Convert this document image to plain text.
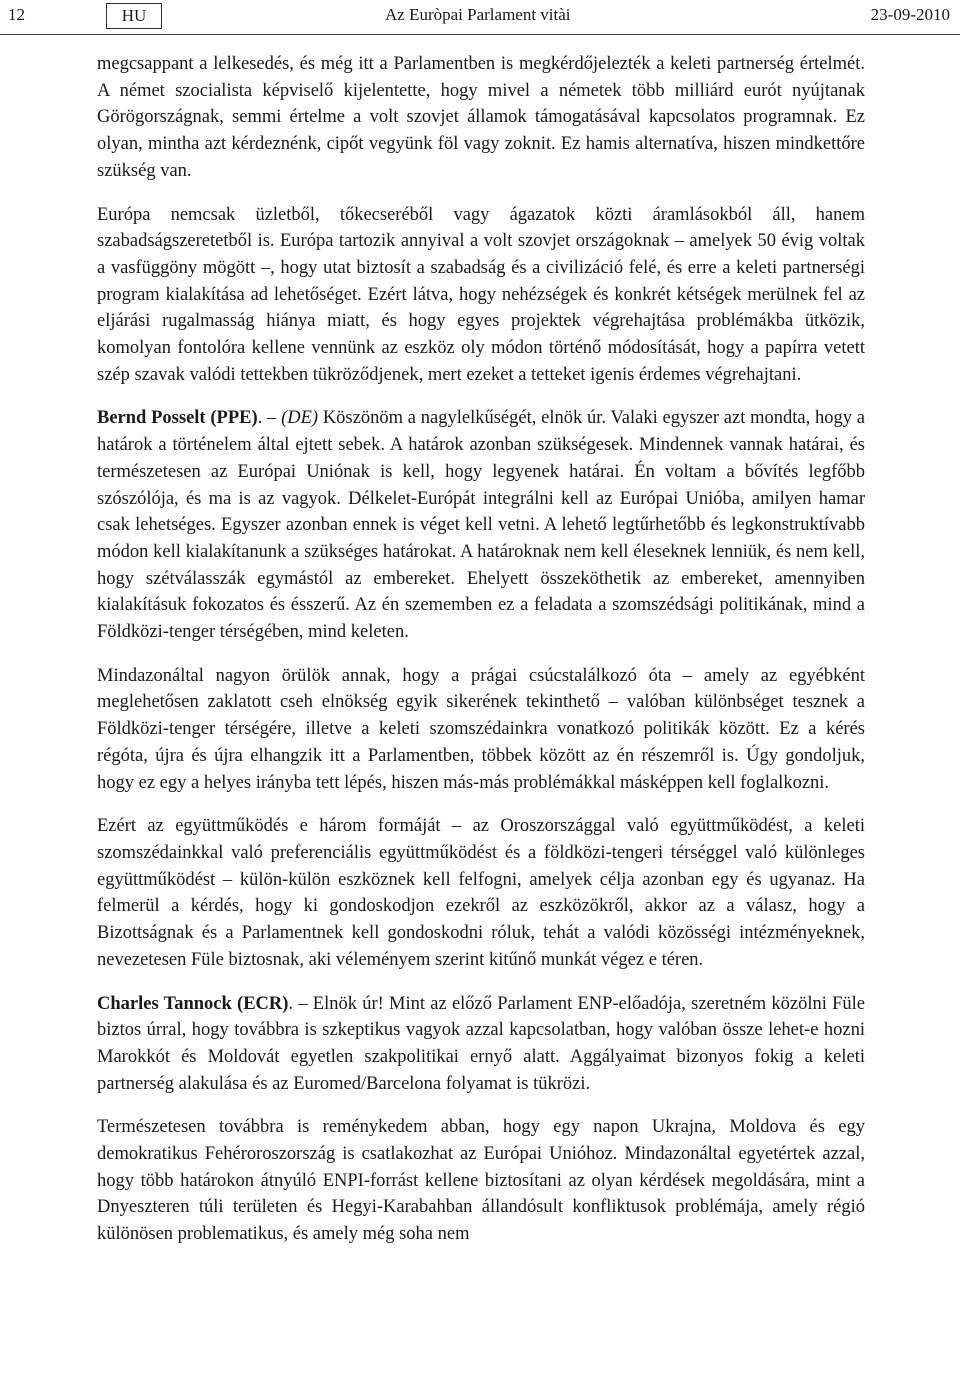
12	HU	Az Euròpai Parlament vitài	23-09-2010

megcsappant a lelkesedés, és még itt a Parlamentben is megkérdőjelezték a keleti partnerség értelmét. A német szocialista képviselő kijelentette, hogy mivel a németek több milliárd eurót nyújtanak Görögországnak, semmi értelme a volt szovjet államok támogatásával kapcsolatos programnak. Ez olyan, mintha azt kérdeznénk, cipőt vegyünk föl vagy zoknit. Ez hamis alternatíva, hiszen mindkettőre szükség van.

Európa nemcsak üzletből, tőkecseréből vagy ágazatok közti áramlásokból áll, hanem szabadságszeretetből is. Európa tartozik annyival a volt szovjet országoknak – amelyek 50 évig voltak a vasfüggöny mögött –, hogy utat biztosít a szabadság és a civilizáció felé, és erre a keleti partnerségi program kialakítása ad lehetőséget. Ezért látva, hogy nehézségek és konkrét kétségek merülnek fel az eljárási rugalmasság hiánya miatt, és hogy egyes projektek végrehajtása problémákba ütközik, komolyan fontolóra kellene vennünk az eszköz oly módon történő módosítását, hogy a papírra vetett szép szavak valódi tettekben tükröződjenek, mert ezeket a tetteket igenis érdemes végrehajtani.

Bernd Posselt (PPE). – (DE) Köszönöm a nagylelkűségét, elnök úr. Valaki egyszer azt mondta, hogy a határok a történelem által ejtett sebek. A határok azonban szükségesek. Mindennek vannak határai, és természetesen az Európai Uniónak is kell, hogy legyenek határai. Én voltam a bővítés legfőbb szószólója, és ma is az vagyok. Délkelet-Európát integrálni kell az Európai Unióba, amilyen hamar csak lehetséges. Egyszer azonban ennek is véget kell vetni. A lehető legtűrhetőbb és legkonstruktívabb módon kell kialakítanunk a szükséges határokat. A határoknak nem kell éleseknek lenniük, és nem kell, hogy szétválasszák egymástól az embereket. Ehelyett összeköthetik az embereket, amennyiben kialakításuk fokozatos és ésszerű. Az én szememben ez a feladata a szomszédsági politikának, mind a Földközi-tenger térségében, mind keleten.

Mindazonáltal nagyon örülök annak, hogy a prágai csúcstalálkozó óta – amely az egyébként meglehetősen zaklatott cseh elnökség egyik sikerének tekinthető – valóban különbséget tesznek a Földközi-tenger térségére, illetve a keleti szomszédainkra vonatkozó politikák között. Ez a kérés régóta, újra és újra elhangzik itt a Parlamentben, többek között az én részemről is. Úgy gondoljuk, hogy ez egy a helyes irányba tett lépés, hiszen más-más problémákkal másképpen kell foglalkozni.

Ezért az együttműködés e három formáját – az Oroszországgal való együttműködést, a keleti szomszédainkkal való preferenciális együttműködést és a földközi-tengeri térséggel való különleges együttműködést – külön-külön eszköznek kell felfogni, amelyek célja azonban egy és ugyanaz. Ha felmerül a kérdés, hogy ki gondoskodjon ezekről az eszközökről, akkor az a válasz, hogy a Bizottságnak és a Parlamentnek kell gondoskodni róluk, tehát a valódi közösségi intézményeknek, nevezetesen Füle biztosnak, aki véleményem szerint kitűnő munkát végez e téren.

Charles Tannock (ECR). – Elnök úr! Mint az előző Parlament ENP-előadója, szeretném közölni Füle biztos úrral, hogy továbbra is szkeptikus vagyok azzal kapcsolatban, hogy valóban össze lehet-e hozni Marokkót és Moldovát egyetlen szakpolitikai ernyő alatt. Aggályaimat bizonyos fokig a keleti partnerség alakulása és az Euromed/Barcelona folyamat is tükrözi.

Természetesen továbbra is reménykedem abban, hogy egy napon Ukrajna, Moldova és egy demokratikus Fehéroroszország is csatlakozhat az Európai Unióhoz. Mindazonáltal egyetértek azzal, hogy több határokon átnyúló ENPI-forrást kellene biztosítani az olyan kérdések megoldására, mint a Dnyeszteren túli területen és Hegyi-Karabahban állandósult konfliktusok problémája, amely régió különösen problematikus, és amely még soha nem
